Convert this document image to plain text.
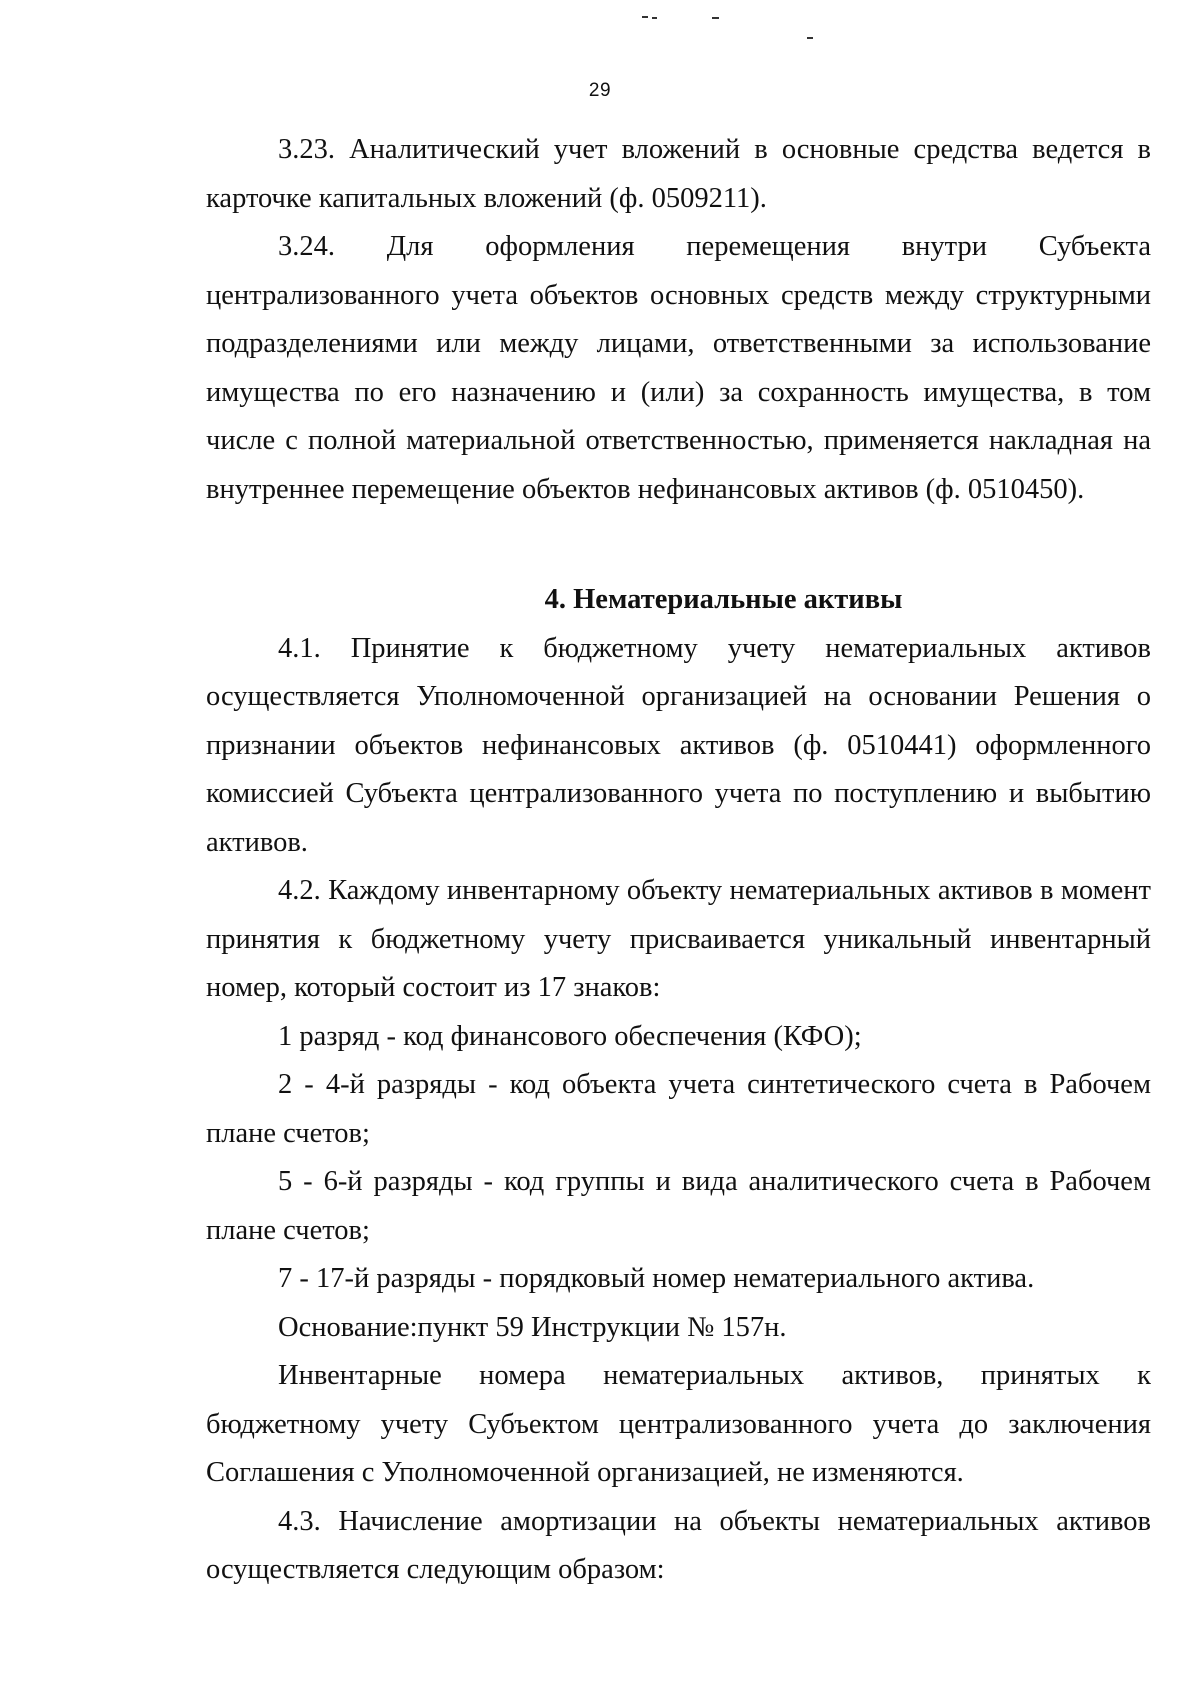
29

3.23. Аналитический учет вложений в основные средства ведется в карточке капитальных вложений (ф. 0509211).

3.24. Для оформления перемещения внутри Субъекта централизованного учета объектов основных средств между структурными подразделениями или между лицами, ответственными за использование имущества по его назначению и (или) за сохранность имущества, в том числе с полной материальной ответственностью, применяется накладная на внутреннее перемещение объектов нефинансовых активов (ф. 0510450).

4. Нематериальные активы

4.1. Принятие к бюджетному учету нематериальных активов осуществляется Уполномоченной организацией на основании Решения о признании объектов нефинансовых активов (ф. 0510441) оформленного комиссией Субъекта централизованного учета по поступлению и выбытию активов.

4.2. Каждому инвентарному объекту нематериальных активов в момент принятия к бюджетному учету присваивается уникальный инвентарный номер, который состоит из 17 знаков:

1 разряд - код финансового обеспечения (КФО);

2 - 4-й разряды - код объекта учета синтетического счета в Рабочем плане счетов;

5 - 6-й разряды - код группы и вида аналитического счета в Рабочем плане счетов;

7 - 17-й разряды - порядковый номер нематериального актива.

Основание:пункт 59 Инструкции № 157н.

Инвентарные номера нематериальных активов, принятых к бюджетному учету Субъектом централизованного учета до заключения Соглашения с Уполномоченной организацией, не изменяются.

4.3. Начисление амортизации на объекты нематериальных активов осуществляется следующим образом:
